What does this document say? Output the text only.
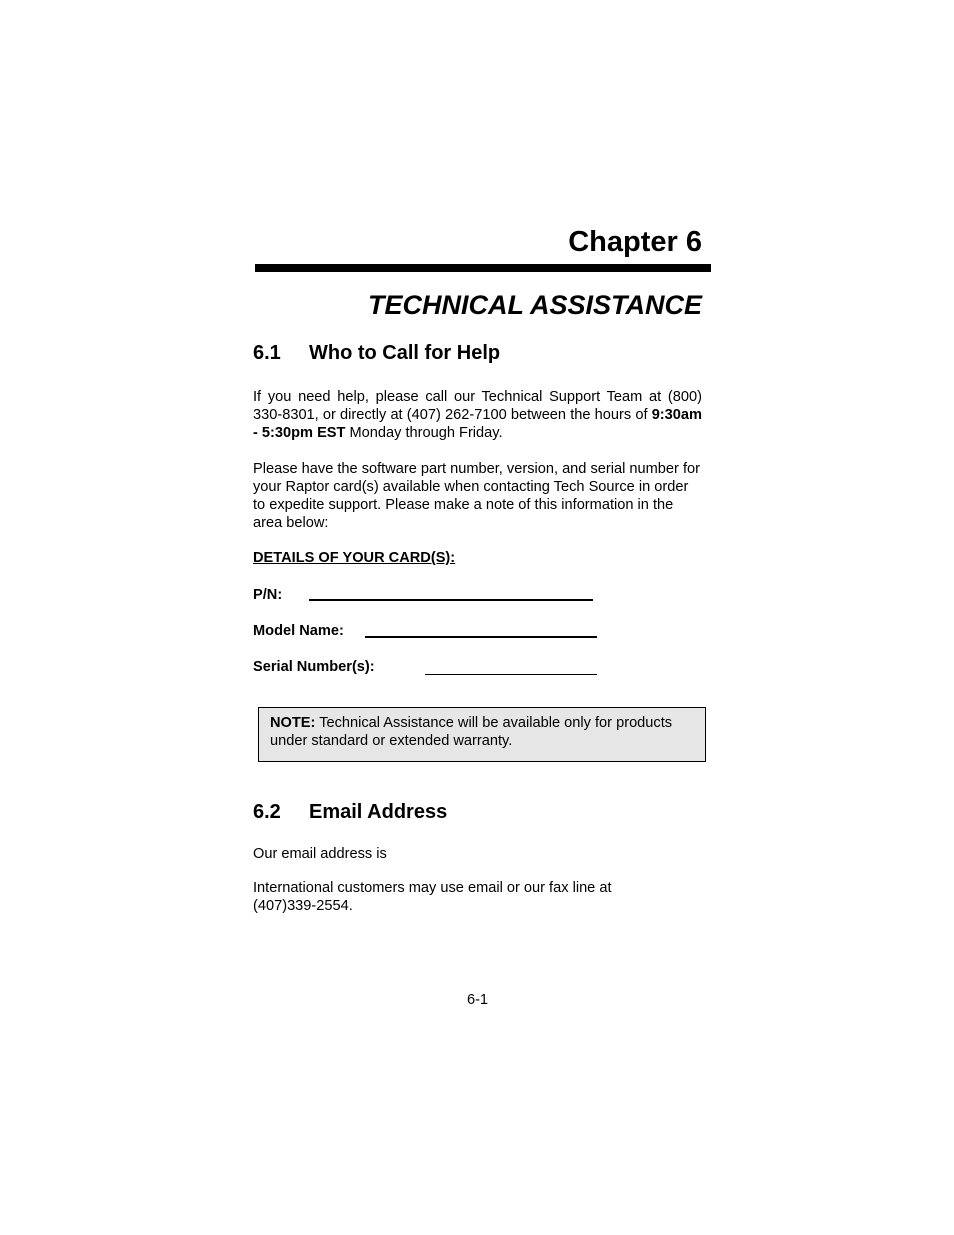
Chapter 6
TECHNICAL ASSISTANCE
6.1 Who to Call for Help

If you need help, please call our Technical Support Team at (800) 330-8301, or directly at (407) 262-7100 between the hours of 9:30am - 5:30pm EST Monday through Friday.

Please have the software part number, version, and serial number for your Raptor card(s) available when contacting Tech Source in order to expedite support. Please make a note of this information in the area below:

DETAILS OF YOUR CARD(S):

P/N:
Model Name:
Serial Number(s):
NOTE: Technical Assistance will be available only for products under standard or extended warranty.
6.2 Email Address

Our email address is

International customers may use email or our fax line at (407)339-2554.

6-1
